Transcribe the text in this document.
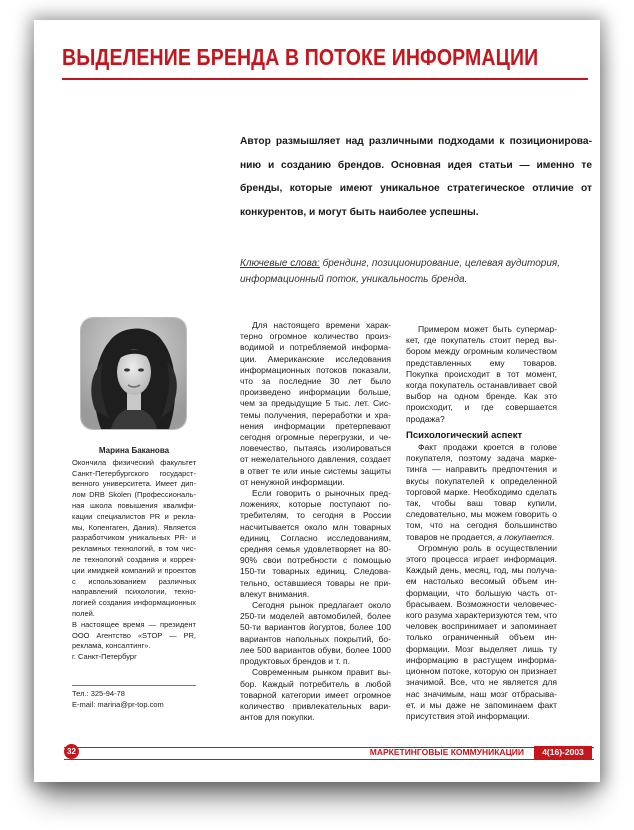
ВЫДЕЛЕНИЕ БРЕНДА В ПОТОКЕ ИНФОРМАЦИИ
Автор размышляет над различными подходами к позиционированию и созданию брендов. Основная идея статьи — именно те бренды, которые имеют уникальное стратегическое отличие от конкурентов, и могут быть наиболее успешны.
Ключевые слова: брендинг, позиционирование, целевая аудитория, информационный поток, уникальность бренда.
Марина Баканова
Окончила физический факультет Санкт-Петербургского государственного университета. Имеет диплом DRB Skolen (Профессиональная школа повышения квалификации специалистов PR и рекламы, Копенгаген, Дания). Является разработчиком уникальных PR- и рекламных технологий, в том числе технологий создания и коррекции имиджей компаний и проектов с использованием различных направлений психологии, технологией создания информационных полей.
В настоящее время — президент ООО Агентство «STOP — PR, реклама, консалтинг».
г. Санкт-Петербург
Тел.: 325-94-78
E-mail: marina@pr-top.com

Для настоящего времени характерно огромное количество производимой и потребляемой информации. Американские исследования информационных потоков показали, что за последние 30 лет было произведено информации больше, чем за предыдущие 5 тыс. лет. Системы получения, переработки и хранения информации претерпевают сегодня огромные перегрузки, и человечество, пытаясь изолироваться от нежелательного давления, создает в ответ те или иные системы защиты от ненужной информации.

Если говорить о рыночных предложениях, которые поступают потребителям, то сегодня в России насчитывается около млн товарных единиц. Согласно исследованиям, средняя семья удовлетворяет на 80-90% свои потребности с помощью 150-ти товарных единиц. Следовательно, оставшиеся товары не привлекут внимания.

Сегодня рынок предлагает около 250-ти моделей автомобилей, более 50-ти вариантов йогуртов, более 100 вариантов напольных покрытий, более 500 вариантов обуви, более 1000 продуктовых брендов и т. п.

Современным рынком правит выбор. Каждый потребитель в любой товарной категории имеет огромное количество привлекательных вариантов для покупки.

Примером может быть супермаркет, где покупатель стоит перед выбором между огромным количеством представленных ему товаров. Покупка происходит в тот момент, когда покупатель останавливает свой выбор на одном бренде. Как это происходит, и где совершается продажа?

Психологический аспект

Факт продажи кроется в голове покупателя, поэтому задача маркетинга — направить предпочтения и вкусы покупателей к определенной торговой марке. Необходимо сделать так, чтобы ваш товар купили, следовательно, мы можем говорить о том, что на сегодня большинство товаров не продается, а покупается.

Огромную роль в осуществлении этого процесса играет информация. Каждый день, месяц, год, мы получаем настолько весомый объем информации, что большую часть отбрасываем. Возможности человеческого разума характеризуются тем, что человек воспринимает и запоминает только ограниченный объем информации. Мозг выделяет лишь ту информацию в растущем информационном потоке, которую он признает значимой. Все, что не является для нас значимым, наш мозг отбрасывает, и мы даже не запоминаем факт присутствия этой информации.

32	МАРКЕТИНГОВЫЕ КОММУНИКАЦИИ	4(16)-2003
